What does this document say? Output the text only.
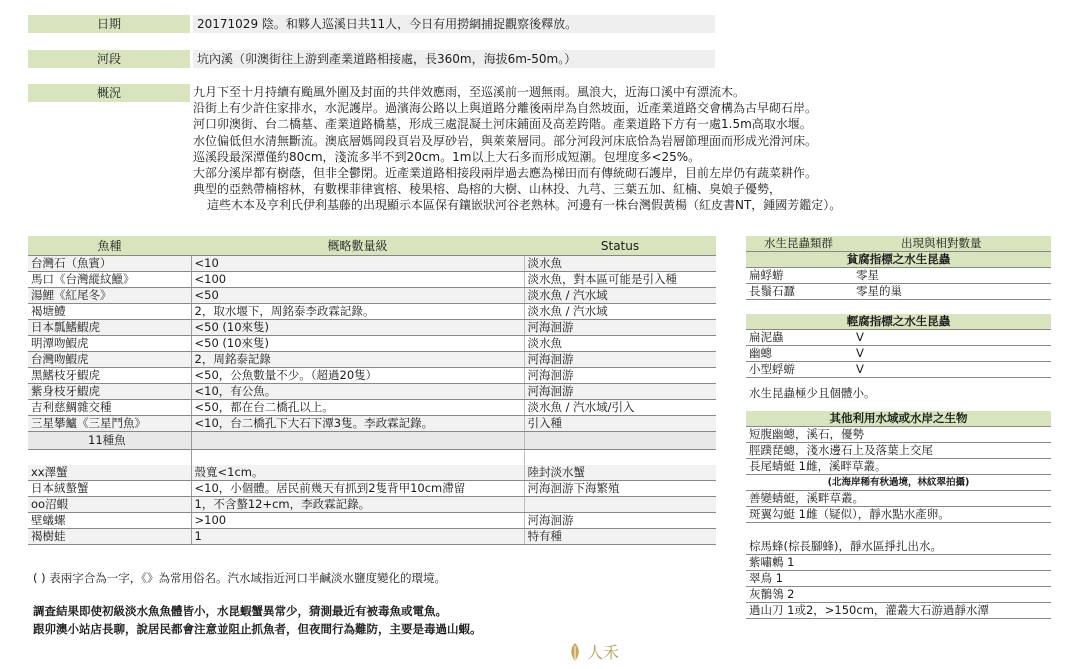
日期	20171029 陰。和夥人巡溪日共11人，今日有用撈網捕捉觀察後釋放。
河段	坑內溪（卯澳街往上游到產業道路相接處，長360m，海拔6m-50m。）
概況	九月下至十月持續有颱風外圍及封面的共伴效應雨，至巡溪前一週無雨。風浪大，近海口溪中有漂流木。
沿街上有少許住家排水，水泥護岸。過濱海公路以上與道路分離後兩岸為自然坡面，近產業道路交會構為古早砌石岸。
河口卯澳街、台二橋墓、產業道路橋墓，形成三處混凝土河床鋪面及高差跨階。產業道路下方有一處1.5m高取水堰。
水位偏低但水清無斷流。澳底層媽岡段頁岩及厚砂岩，與萊萊層同。部分河段河床底恰為岩層節理面而形成光滑河床。
巡溪段最深潭僅約80cm，淺流多半不到20cm。1m以上大石多而形成短潮。包埋度多<25%。
大部分溪岸都有樹蔭，但非全鬱閉。近產業道路相接段兩岸過去應為梯田而有傳統砌石護岸，目前左岸仍有蔬菜耕作。
典型的亞熱帶楠榕林，有數棵菲律賓榕、稜果榕、島榕的大樹、山林投、九芎、三葉五加、紅楠、臭娘子優勢，
這些木本及亨利氏伊利基藤的出現顯示本區保有鑲嵌狀河谷老熟林。河邊有一株台灣假黃楊（紅皮書NT，鍾國芳鑑定）。
魚種	概略數量級	Status
台灣石（魚賓）	<10	淡水魚
馬口《台灣縱紋鱲》	<100	淡水魚，對本區可能是引入種
湯鯉《紅尾冬》	<50	淡水魚 / 汽水域
褐塘鱧	2，取水堰下，周銘泰李政霖記錄。	淡水魚 / 汽水域
日本瓢鰭鰕虎	<50 (10來隻)	河海洄游
明潭吻鰕虎	<50 (10來隻)	淡水魚
台灣吻鰕虎	2，周銘泰記錄	河海洄游
黑鰭枝牙鰕虎	<50，公魚數量不少。（超過20隻）	河海洄游
紫身枝牙鰕虎	<10，有公魚。	河海洄游
吉利慈鯛雜交種	<50，都在台二橋孔以上。	淡水魚 / 汽水域/引入
三星攀鱸《三星鬥魚》	<10，台二橋孔下大石下潭3隻。李政霖記錄。	引入種
11種魚		

xx澤蟹	殼寬<1cm。	陸封淡水蟹
日本絨螯蟹	<10，小個體。居民前幾天有抓到2隻背甲10cm滯留	河海洄游下海繁殖
oo沼蝦	1，不含螯12+cm，李政霖記錄。	
壁蟻螺	>100	河海洄游
褐樹蛙	1	特有種
水生昆蟲類群	出現與相對數量
貧腐指標之水生昆蟲	
扁蜉蝣	零星
長鬚石蠶	零星的巢

輕腐指標之水生昆蟲	
扁泥蟲	V
幽蟌	V
小型蜉蝣	V

水生昆蟲極少且個體小。	

其他利用水域或水岸之生物	
短腹幽蟌，溪石，優勢	
脛蹼琵蟌，淺水邊石上及落葉上交尾	
長尾蜻蜓 1雌，溪畔草叢。	
(北海岸稀有秋過境，林紋翠拍攝)	
善變蜻蜓，溪畔草叢。	
斑翼勾蜓 1雌（疑似），靜水點水產卵。	

棕馬蜂(棕長腳蜂)，靜水區掙扎出水。	
紫嘯鶇 1	
翠鳥 1	
灰鶺鴒 2	
過山刀 1或2，>150cm，灌叢大石游過靜水潭	
( ) 表兩字合為一字，《》為常用俗名。汽水域指近河口半鹹淡水鹽度變化的環境。
調查結果即使初級淡水魚魚體皆小，水昆蝦蟹異常少，猜測最近有被毒魚或電魚。
跟卯澳小站店長聊，說居民都會注意並阻止抓魚者，但夜間行為難防，主要是毒過山蝦。
人禾
